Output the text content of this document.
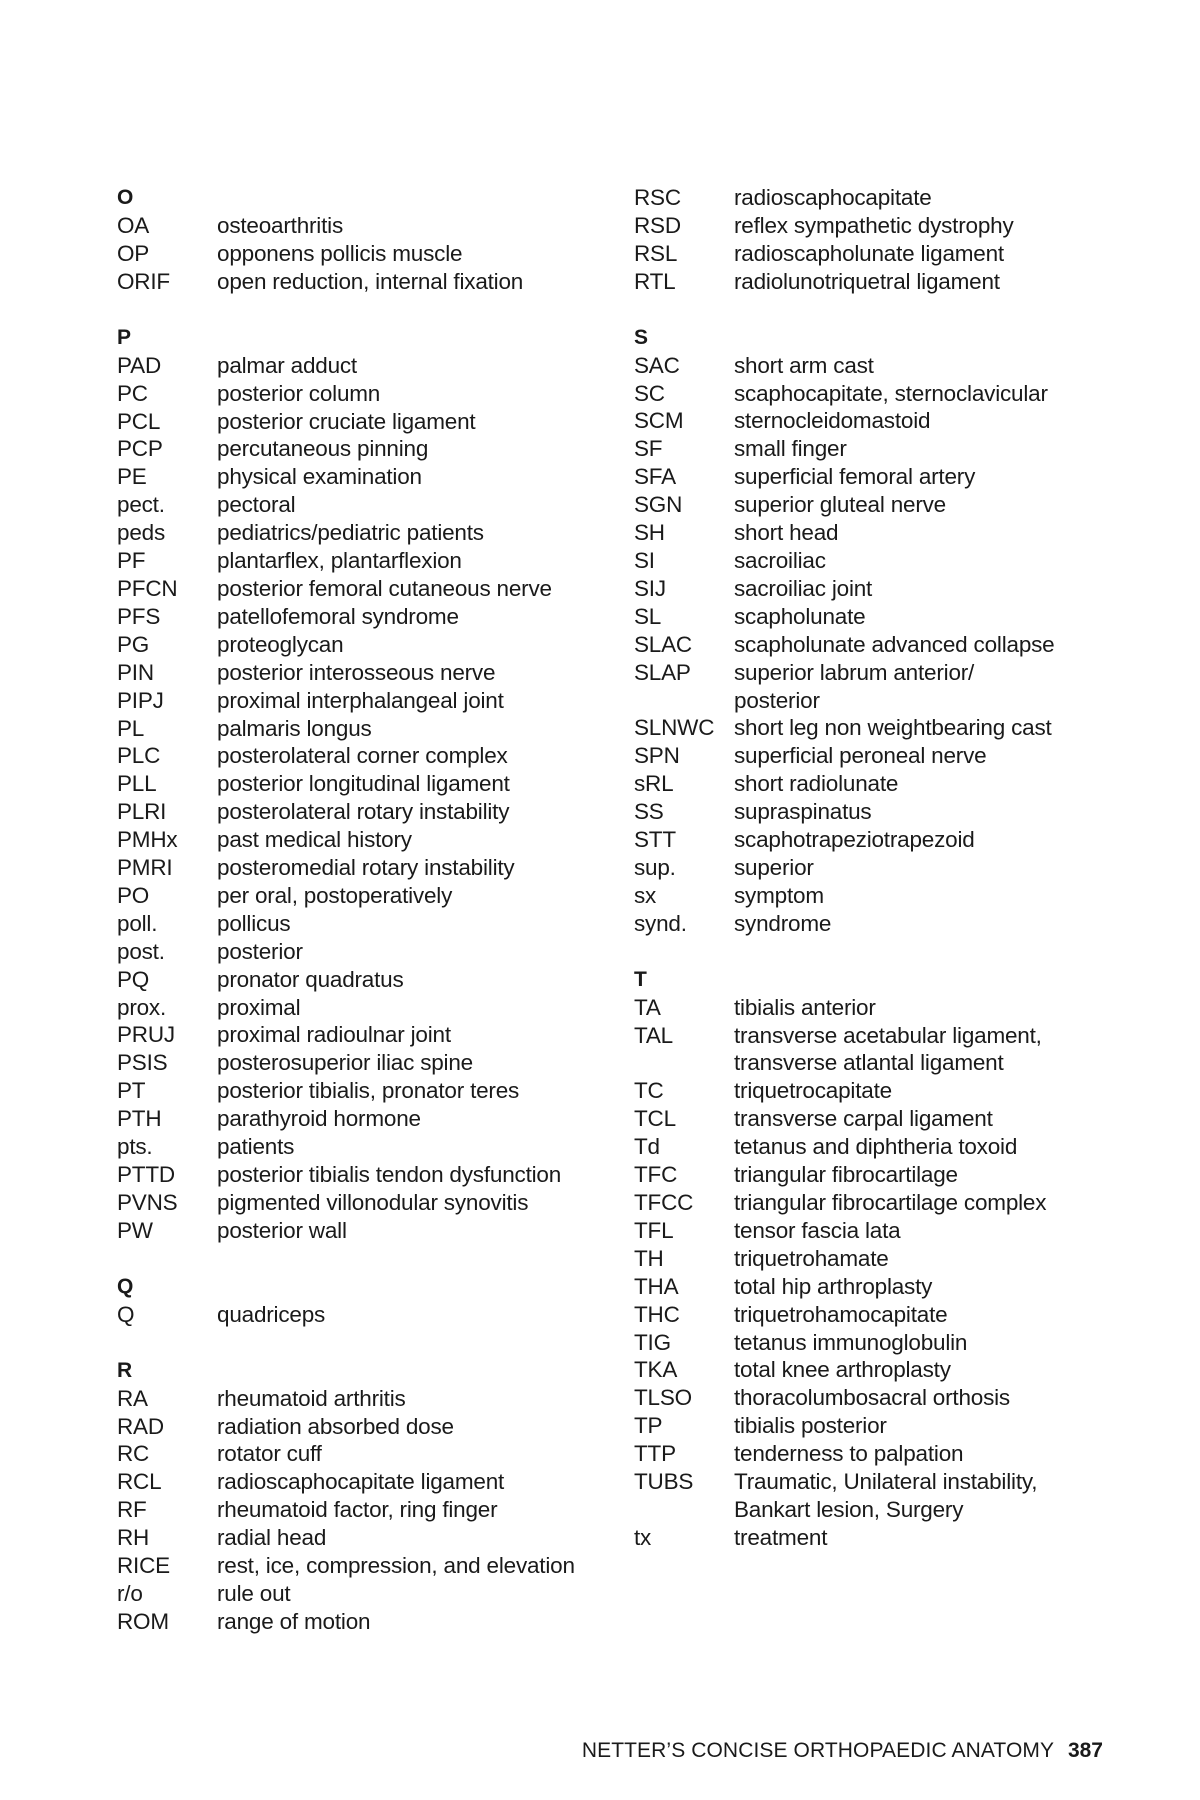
O
OA	osteoarthritis
OP	opponens pollicis muscle
ORIF	open reduction, internal fixation
P
PAD	palmar adduct
PC	posterior column
PCL	posterior cruciate ligament
PCP	percutaneous pinning
PE	physical examination
pect.	pectoral
peds	pediatrics/pediatric patients
PF	plantarflex, plantarflexion
PFCN	posterior femoral cutaneous nerve
PFS	patellofemoral syndrome
PG	proteoglycan
PIN	posterior interosseous nerve
PIPJ	proximal interphalangeal joint
PL	palmaris longus
PLC	posterolateral corner complex
PLL	posterior longitudinal ligament
PLRI	posterolateral rotary instability
PMHx	past medical history
PMRI	posteromedial rotary instability
PO	per oral, postoperatively
poll.	pollicus
post.	posterior
PQ	pronator quadratus
prox.	proximal
PRUJ	proximal radioulnar joint
PSIS	posterosuperior iliac spine
PT	posterior tibialis, pronator teres
PTH	parathyroid hormone
pts.	patients
PTTD	posterior tibialis tendon dysfunction
PVNS	pigmented villonodular synovitis
PW	posterior wall
Q
Q	quadriceps
R
RA	rheumatoid arthritis
RAD	radiation absorbed dose
RC	rotator cuff
RCL	radioscaphocapitate ligament
RF	rheumatoid factor, ring finger
RH	radial head
RICE	rest, ice, compression, and elevation
r/o	rule out
ROM	range of motion
RSC	radioscaphocapitate
RSD	reflex sympathetic dystrophy
RSL	radioscapholunate ligament
RTL	radiolunotriquetral ligament
S
SAC	short arm cast
SC	scaphocapitate, sternoclavicular
SCM	sternocleidomastoid
SF	small finger
SFA	superficial femoral artery
SGN	superior gluteal nerve
SH	short head
SI	sacroiliac
SIJ	sacroiliac joint
SL	scapholunate
SLAC	scapholunate advanced collapse
SLAP	superior labrum anterior/ posterior
SLNWC short leg non weightbearing cast
SPN	superficial peroneal nerve
sRL	short radiolunate
SS	supraspinatus
STT	scaphotrapeziotrapezoid
sup.	superior
sx	symptom
synd.	syndrome
T
TA	tibialis anterior
TAL	transverse acetabular ligament, transverse atlantal ligament
TC	triquetrocapitate
TCL	transverse carpal ligament
Td	tetanus and diphtheria toxoid
TFC	triangular fibrocartilage
TFCC	triangular fibrocartilage complex
TFL	tensor fascia lata
TH	triquetrohamate
THA	total hip arthroplasty
THC	triquetrohamocapitate
TIG	tetanus immunoglobulin
TKA	total knee arthroplasty
TLSO	thoracolumbosacral orthosis
TP	tibialis posterior
TTP	tenderness to palpation
TUBS	Traumatic, Unilateral instability, Bankart lesion, Surgery
tx	treatment
NETTER’S CONCISE ORTHOPAEDIC ANATOMY 387
